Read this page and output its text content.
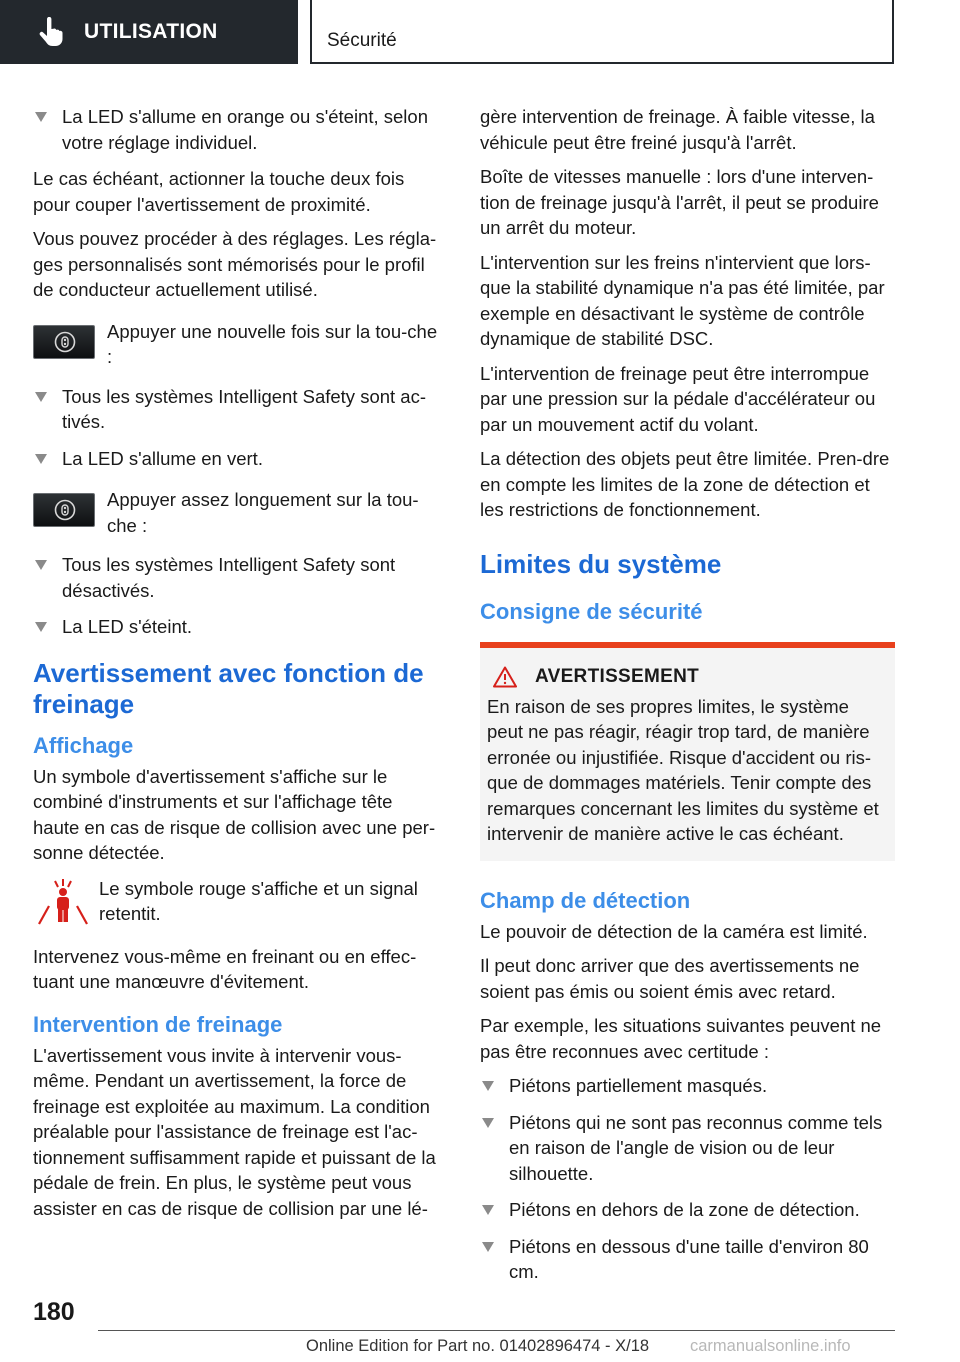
UTILISATION	Sécurité
La LED s'allume en orange ou s'éteint, selon votre réglage individuel.

Le cas échéant, actionner la touche deux fois pour couper l'avertissement de proximité.

Vous pouvez procéder à des réglages. Les régla-ges personnalisés sont mémorisés pour le profil de conducteur actuellement utilisé.

Appuyer une nouvelle fois sur la tou-che :
Tous les systèmes Intelligent Safety sont ac-tivés.
La LED s'allume en vert.
Appuyer assez longuement sur la tou-che :
Tous les systèmes Intelligent Safety sont désactivés.
La LED s'éteint.
Avertissement avec fonction de freinage
Affichage

Un symbole d'avertissement s'affiche sur le combiné d'instruments et sur l'affichage tête haute en cas de risque de collision avec une per-sonne détectée.

Le symbole rouge s'affiche et un signal retentit.

Intervenez vous-même en freinant ou en effec-tuant une manœuvre d'évitement.

Intervention de freinage

L'avertissement vous invite à intervenir vous-même. Pendant un avertissement, la force de freinage est exploitée au maximum. La condition préalable pour l'assistance de freinage est l'ac-tionnement suffisamment rapide et puissant de la pédale de frein. En plus, le système peut vous assister en cas de risque de collision par une lé-

gère intervention de freinage. À faible vitesse, la véhicule peut être freiné jusqu'à l'arrêt.

Boîte de vitesses manuelle : lors d'une interven-tion de freinage jusqu'à l'arrêt, il peut se produire un arrêt du moteur.

L'intervention sur les freins n'intervient que lors-que la stabilité dynamique n'a pas été limitée, par exemple en désactivant le système de contrôle dynamique de stabilité DSC.

L'intervention de freinage peut être interrompue par une pression sur la pédale d'accélérateur ou par un mouvement actif du volant.

La détection des objets peut être limitée. Pren-dre en compte les limites de la zone de détection et les restrictions de fonctionnement.

Limites du système
Consigne de sécurité
AVERTISSEMENT

En raison de ses propres limites, le système peut ne pas réagir, réagir trop tard, de manière erronée ou injustifiée. Risque d'accident ou ris-que de dommages matériels. Tenir compte des remarques concernant les limites du système et intervenir de manière active le cas échéant.

Champ de détection

Le pouvoir de détection de la caméra est limité.

Il peut donc arriver que des avertissements ne soient pas émis ou soient émis avec retard.

Par exemple, les situations suivantes peuvent ne pas être reconnues avec certitude :

Piétons partiellement masqués.
Piétons qui ne sont pas reconnus comme tels en raison de l'angle de vision ou de leur silhouette.
Piétons en dehors de la zone de détection.
Piétons en dessous d'une taille d'environ 80 cm.
180
Online Edition for Part no. 01402896474 - X/18 carmanualsonline.info
